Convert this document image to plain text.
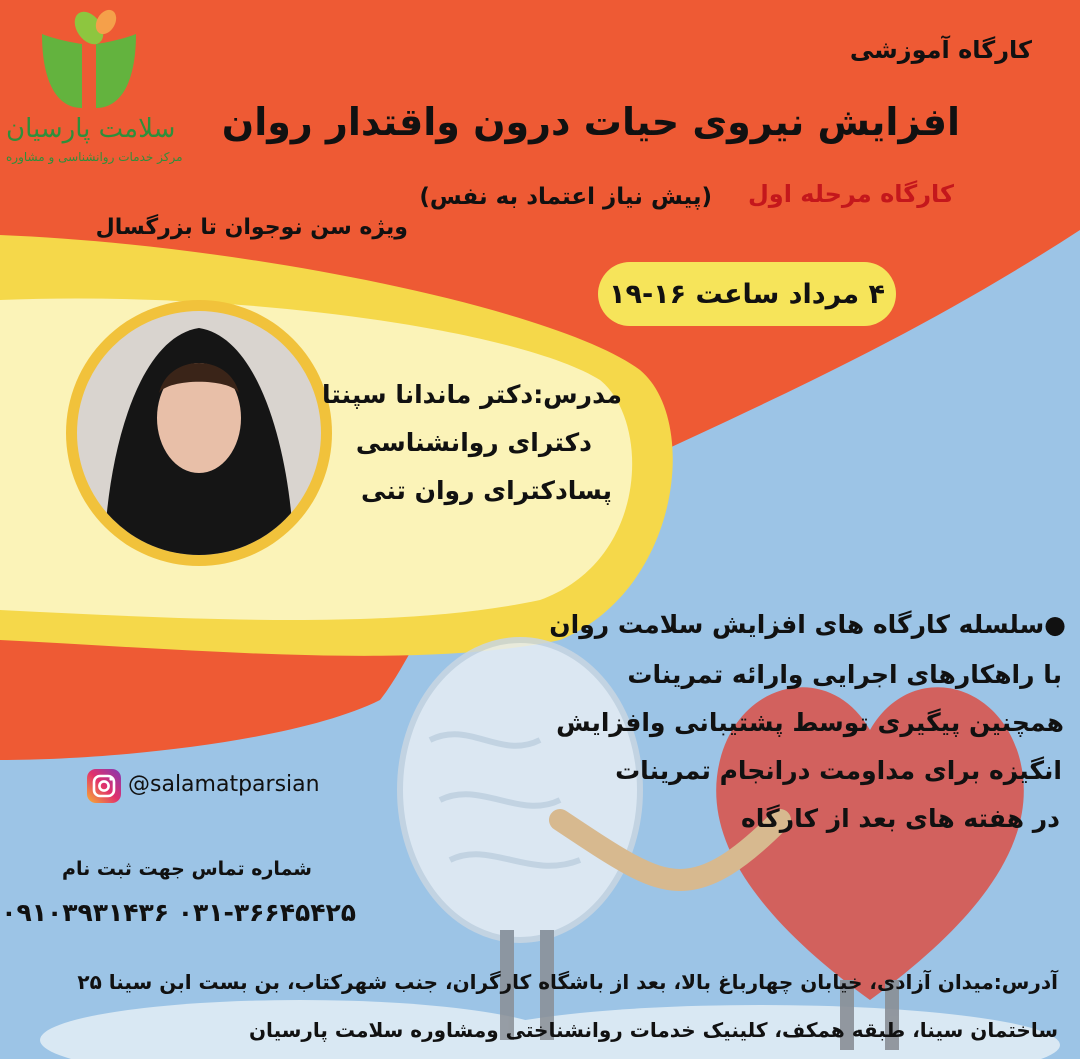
سلامت پارسیان

مرکز خدمات روانشناسی و مشاوره

کارگاه آموزشی

افزایش نیروی حیات درون واقتدار روان

کارگاه مرحله اول

(پیش نیاز اعتماد به نفس)

ویژه سن نوجوان تا بزرگسال

۴ مرداد ساعت ۱۶-۱۹

مدرس:دکتر ماندانا سپنتا

دکترای روانشناسی

پسادکترای روان تنی

●سلسله کارگاه های افزایش سلامت روان

با راهکارهای اجرایی وارائه تمرینات

همچنین پیگیری توسط پشتیبانی وافزایش

انگیزه برای مداومت درانجام تمرینات

در هفته های بعد از کارگاه

@salamatparsian

شماره تماس جهت ثبت نام

۰۳۱-۳۶۶۴۵۴۲۵ ۰۹۱۰۳۹۳۱۴۳۶

آدرس:میدان آزادی، خیابان چهارباغ بالا، بعد از باشگاه کارگران، جنب شهرکتاب، بن بست ابن سینا ۲۵

ساختمان سینا، طبقه همکف، کلینیک خدمات روانشناختی ومشاوره سلامت پارسیان
